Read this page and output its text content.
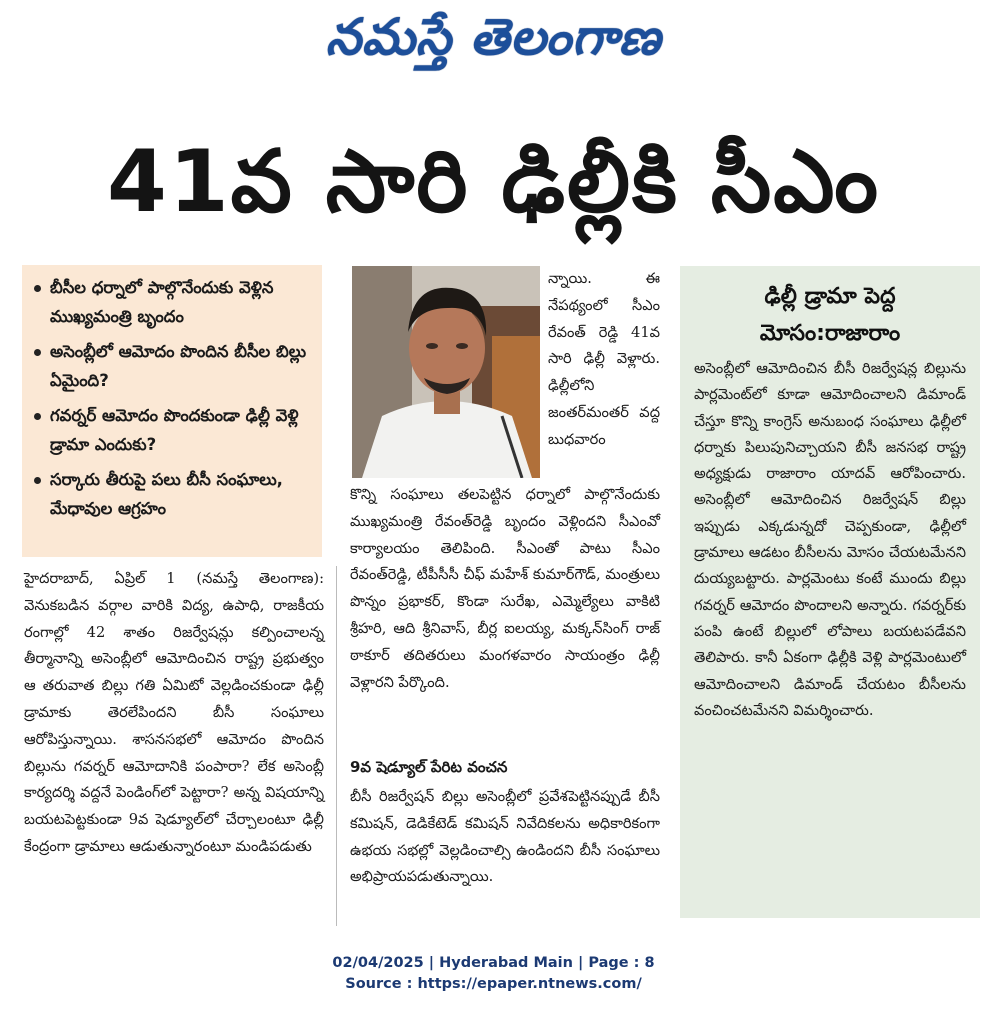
నమస్తే తెలంగాణ
41వ సారి ఢిల్లీకి సీఎం
బీసీల ధర్నాలో పాల్గొనేందుకు వెళ్లిన ముఖ్యమంత్రి బృందం
అసెంబ్లీలో ఆమోదం పొందిన బీసీల బిల్లు ఏమైంది?
గవర్నర్ ఆమోదం పొందకుండా ఢిల్లీ వెళ్లి డ్రామా ఎందుకు?
సర్కారు తీరుపై పలు బీసీ సంఘాలు, మేధావుల ఆగ్రహం
హైదరాబాద్, ఏప్రిల్ 1 (నమస్తే తెలంగాణ): వెనుకబడిన వర్గాల వారికి విద్య, ఉపాధి, రాజకీయ రంగాల్లో 42 శాతం రిజర్వేషన్లు కల్పించాలన్న తీర్మానాన్ని అసెంబ్లీలో ఆమోదించిన రాష్ట్ర ప్రభుత్వం ఆ తరువాత బిల్లు గతి ఏమిటో వెల్లడించకుండా ఢిల్లీ డ్రామాకు తెరలేపిందని బీసీ సంఘాలు ఆరోపిస్తున్నాయి. శాసనసభలో ఆమోదం పొందిన బిల్లును గవర్నర్ ఆమోదానికి పంపారా? లేక అసెంబ్లీ కార్యదర్శి వద్దనే పెండింగ్‌లో పెట్టారా? అన్న విషయాన్ని బయటపెట్టకుండా 9వ షెడ్యూల్‌లో చేర్చాలంటూ ఢిల్లీ కేంద్రంగా డ్రామాలు ఆడుతున్నారంటూ మండిపడుతు
న్నాయి. ఈ నేపథ్యంలో సీఎం రేవంత్ రెడ్డి 41వ సారి ఢిల్లీ వెళ్లారు. ఢిల్లీలోని జంతర్‌మంతర్ వద్ద బుధవారం
కొన్ని సంఘాలు తలపెట్టిన ధర్నాలో పాల్గొనేందుకు ముఖ్యమంత్రి రేవంత్‌రెడ్డి బృందం వెళ్లిందని సీఎంవో కార్యాలయం తెలిపింది. సీఎంతో పాటు సీఎం రేవంత్‌రెడ్డి, టీపీసీసీ చీఫ్ మహేశ్ కుమార్‌గౌడ్, మంత్రులు పొన్నం ప్రభాకర్, కొండా సురేఖ, ఎమ్మెల్యేలు వాకిటి శ్రీహరి, ఆది శ్రీనివాస్, బీర్ల ఐలయ్య, మక్కన్‌సింగ్ రాజ్ ఠాకూర్ తదితరులు మంగళవారం సాయంత్రం ఢిల్లీ వెళ్లారని పేర్కొంది.
9వ షెడ్యూల్ పేరిట వంచన
బీసీ రిజర్వేషన్ బిల్లు అసెంబ్లీలో ప్రవేశపెట్టినప్పుడే బీసీ కమిషన్, డెడికేటెడ్ కమిషన్ నివేదికలను అధికారికంగా ఉభయ సభల్లో వెల్లడించాల్సి ఉండిందని బీసీ సంఘాలు అభిప్రాయపడుతున్నాయి.
ఢిల్లీ డ్రామా పెద్ద మోసం:రాజారాం
అసెంబ్లీలో ఆమోదించిన బీసీ రిజర్వేషన్ల బిల్లును పార్లమెంట్‌లో కూడా ఆమోదించాలని డిమాండ్ చేస్తూ కొన్ని కాంగ్రెస్ అనుబంధ సంఘాలు ఢిల్లీలో ధర్నాకు పిలుపునిచ్చాయని బీసీ జనసభ రాష్ట్ర అధ్యక్షుడు రాజారాం యాదవ్ ఆరోపించారు. అసెంబ్లీలో ఆమోదించిన రిజర్వేషన్ బిల్లు ఇప్పుడు ఎక్కడున్నదో చెప్పకుండా, ఢిల్లీలో డ్రామాలు ఆడటం బీసీలను మోసం చేయటమేనని దుయ్యబట్టారు. పార్లమెంటు కంటే ముందు బిల్లు గవర్నర్ ఆమోదం పొందాలని అన్నారు. గవర్నర్‌కు పంపి ఉంటే బిల్లులో లోపాలు బయటపడేవని తెలిపారు. కానీ ఏకంగా ఢిల్లీకి వెళ్లి పార్లమెంటులో ఆమోదించాలని డిమాండ్ చేయటం బీసీలను వంచించటమేనని విమర్శించారు.
02/04/2025 | Hyderabad Main | Page : 8
Source : https://epaper.ntnews.com/
